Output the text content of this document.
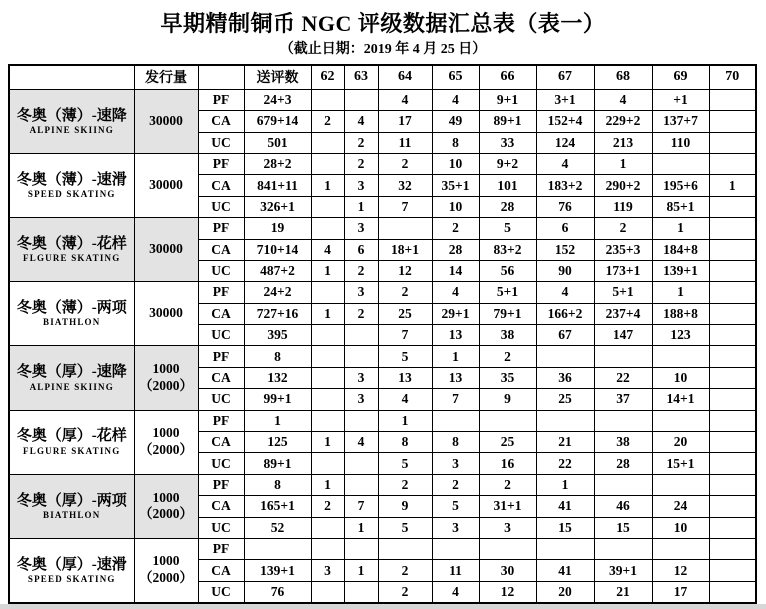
早期精制铜币 NGC 评级数据汇总表（表一）
（截止日期：2019 年 4 月 25 日）
	发行量		送评数	62	63	64	65	66	67	68	69	70

冬奥（薄）-速降
ALPINE SKIING	30000	PF	24+3			4	4	9+1	3+1	4	+1	
		CA	679+14	2	4	17	49	89+1	152+4	229+2	137+7	
		UC	501		2	11	8	33	124	213	110	

冬奥（薄）-速滑
SPEED SKATING	30000	PF	28+2		2	2	10	9+2	4	1		
		CA	841+11	1	3	32	35+1	101	183+2	290+2	195+6	1
		UC	326+1		1	7	10	28	76	119	85+1	

冬奥（薄）-花样
FLGURE SKATING	30000	PF	19		3		2	5	6	2	1	
		CA	710+14	4	6	18+1	28	83+2	152	235+3	184+8	
		UC	487+2	1	2	12	14	56	90	173+1	139+1	

冬奥（薄）-两项
BIATHLON	30000	PF	24+2		3	2	4	5+1	4	5+1	1	
		CA	727+16	1	2	25	29+1	79+1	166+2	237+4	188+8	
		UC	395			7	13	38	67	147	123	

冬奥（厚）-速降
ALPINE SKIING	1000
（2000）	PF	8			5	1	2				
		CA	132		3	13	13	35	36	22	10	
		UC	99+1		3	4	7	9	25	37	14+1	

冬奥（厚）-花样
FLGURE SKATING	1000
（2000）	PF	1			1						
		CA	125	1	4	8	8	25	21	38	20	
		UC	89+1			5	3	16	22	28	15+1	

冬奥（厚）-两项
BIATHLON	1000
（2000）	PF	8	1		2	2	2	1			
		CA	165+1	2	7	9	5	31+1	41	46	24	
		UC	52		1	5	3	3	15	15	10	

冬奥（厚）-速滑
SPEED SKATING	1000
（2000）	PF										
		CA	139+1	3	1	2	11	30	41	39+1	12	
		UC	76			2	4	12	20	21	17	
